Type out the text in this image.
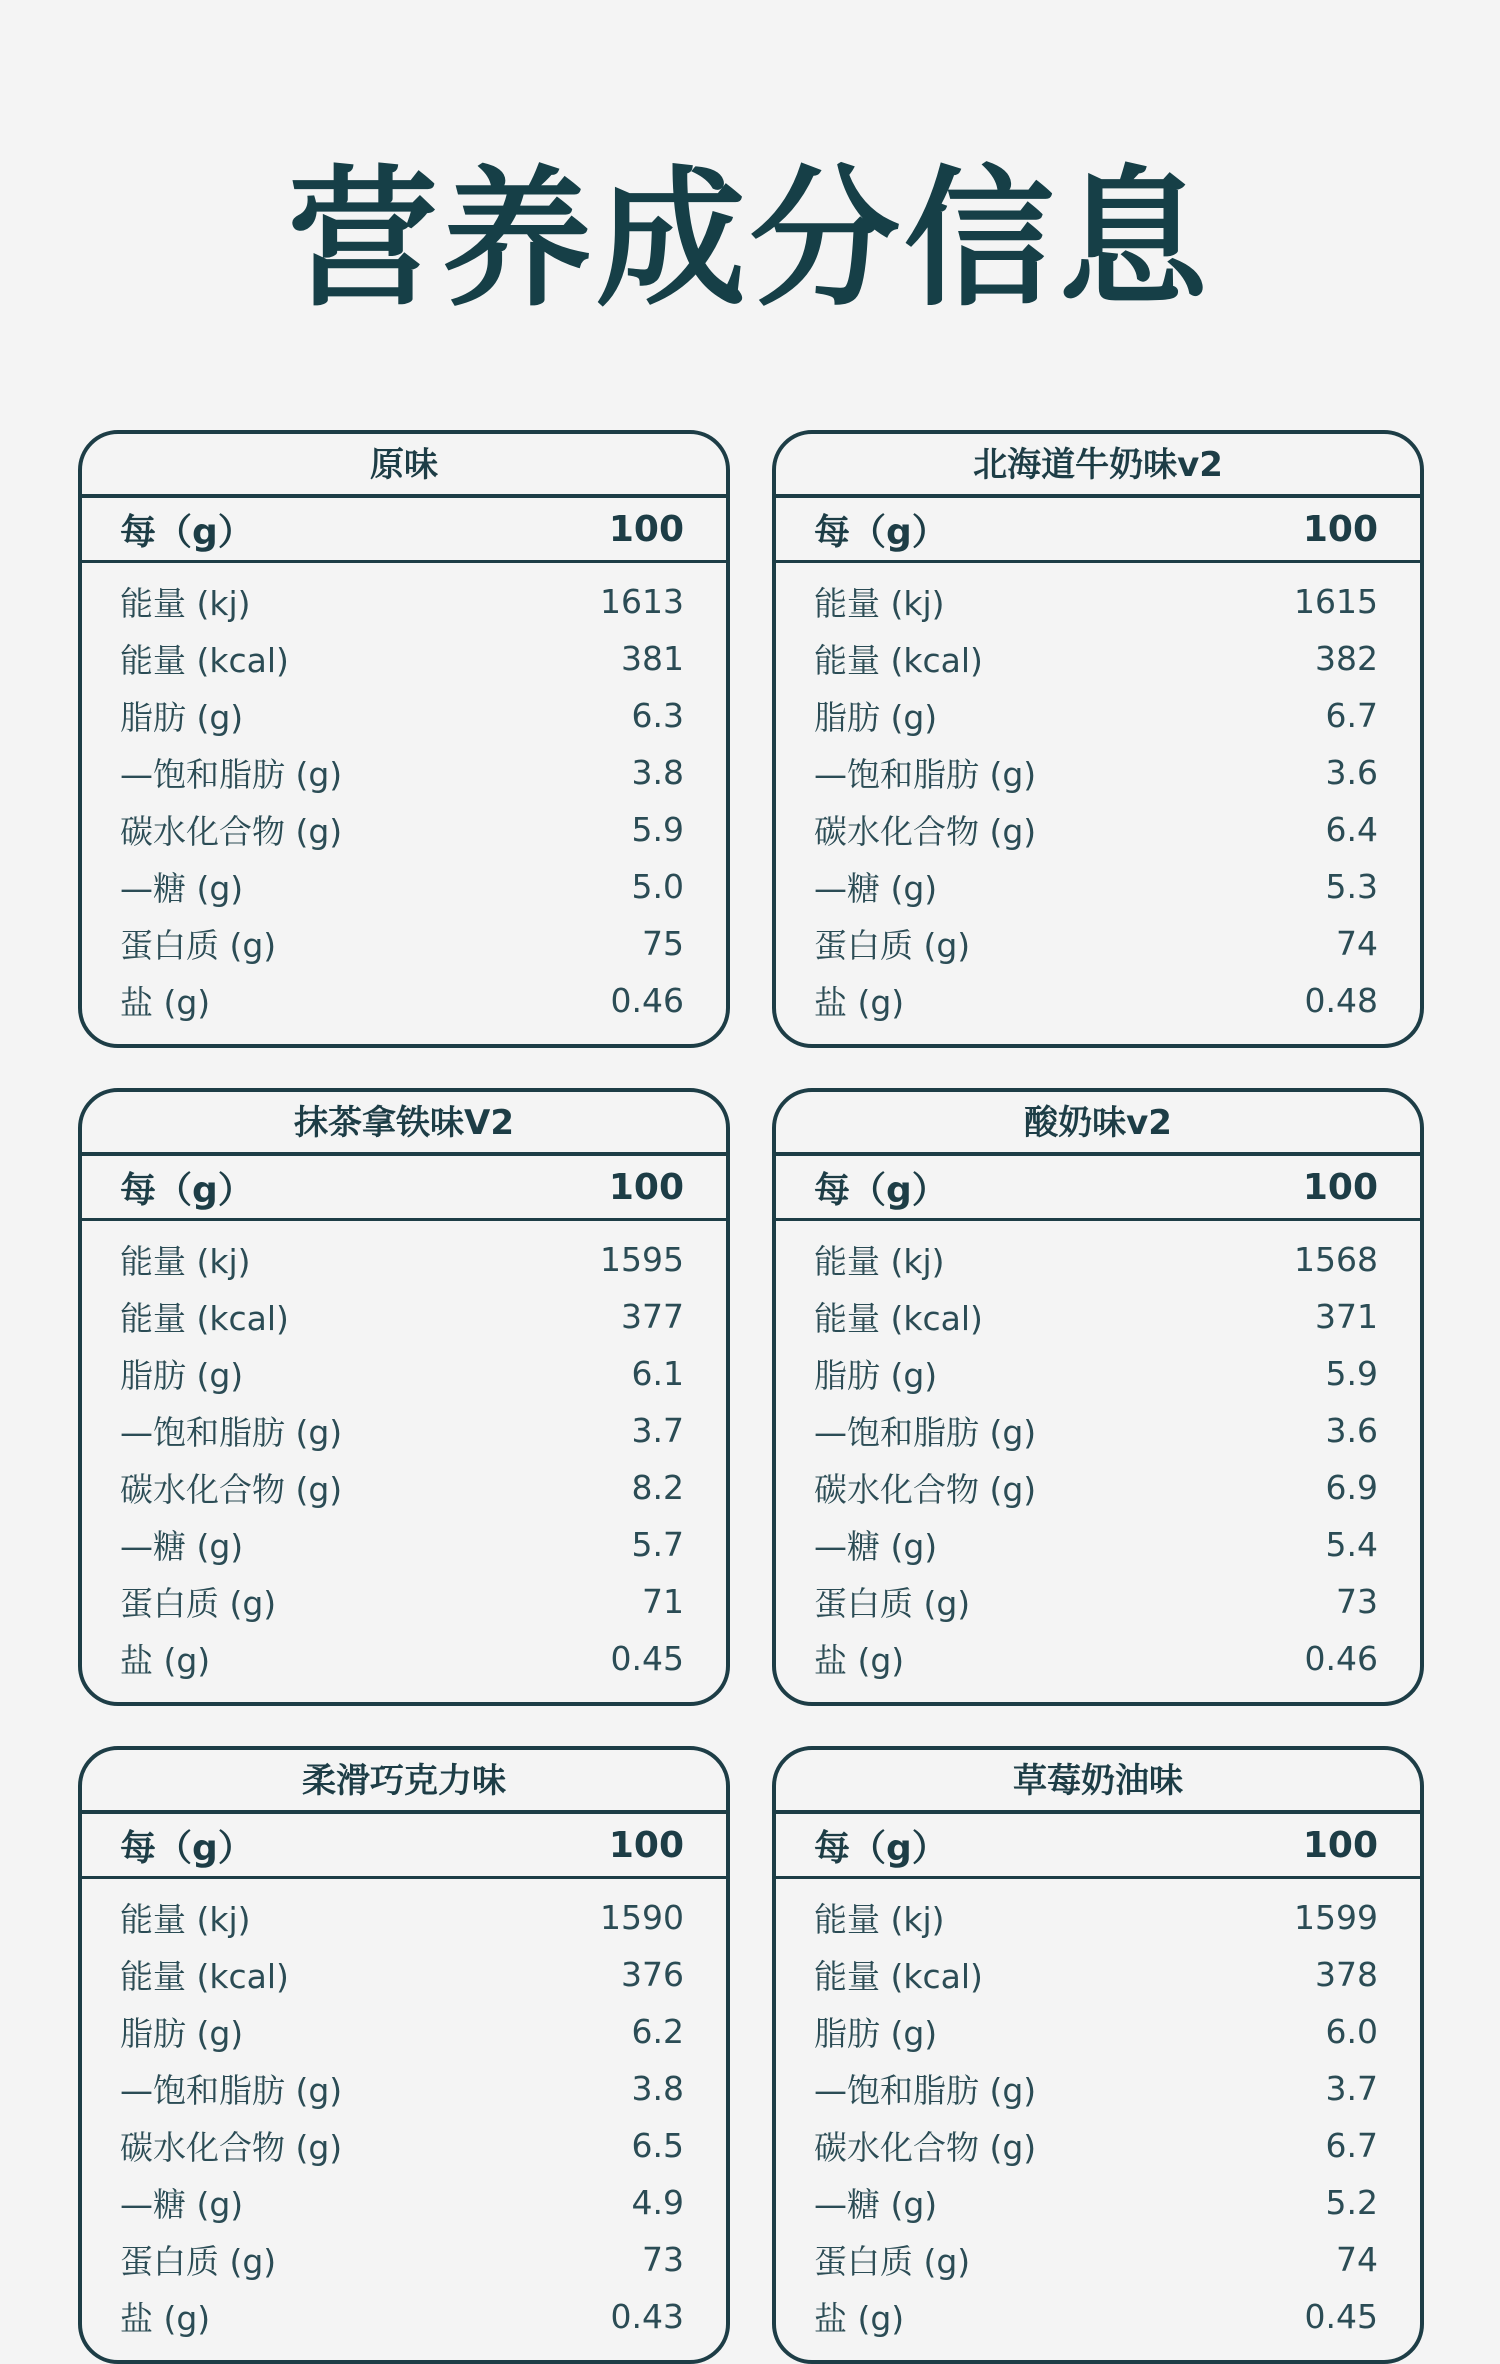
营养成分信息
原味
每（g）	100
能量 (kj)	1613
能量 (kcal)	381
脂肪 (g)	6.3
—饱和脂肪 (g)	3.8
碳水化合物 (g)	5.9
—糖 (g)	5.0
蛋白质 (g)	75
盐 (g)	0.46
北海道牛奶味v2
每（g）	100
能量 (kj)	1615
能量 (kcal)	382
脂肪 (g)	6.7
—饱和脂肪 (g)	3.6
碳水化合物 (g)	6.4
—糖 (g)	5.3
蛋白质 (g)	74
盐 (g)	0.48
抹茶拿铁味V2
每（g）	100
能量 (kj)	1595
能量 (kcal)	377
脂肪 (g)	6.1
—饱和脂肪 (g)	3.7
碳水化合物 (g)	8.2
—糖 (g)	5.7
蛋白质 (g)	71
盐 (g)	0.45
酸奶味v2
每（g）	100
能量 (kj)	1568
能量 (kcal)	371
脂肪 (g)	5.9
—饱和脂肪 (g)	3.6
碳水化合物 (g)	6.9
—糖 (g)	5.4
蛋白质 (g)	73
盐 (g)	0.46
柔滑巧克力味
每（g）	100
能量 (kj)	1590
能量 (kcal)	376
脂肪 (g)	6.2
—饱和脂肪 (g)	3.8
碳水化合物 (g)	6.5
—糖 (g)	4.9
蛋白质 (g)	73
盐 (g)	0.43
草莓奶油味
每（g）	100
能量 (kj)	1599
能量 (kcal)	378
脂肪 (g)	6.0
—饱和脂肪 (g)	3.7
碳水化合物 (g)	6.7
—糖 (g)	5.2
蛋白质 (g)	74
盐 (g)	0.45
